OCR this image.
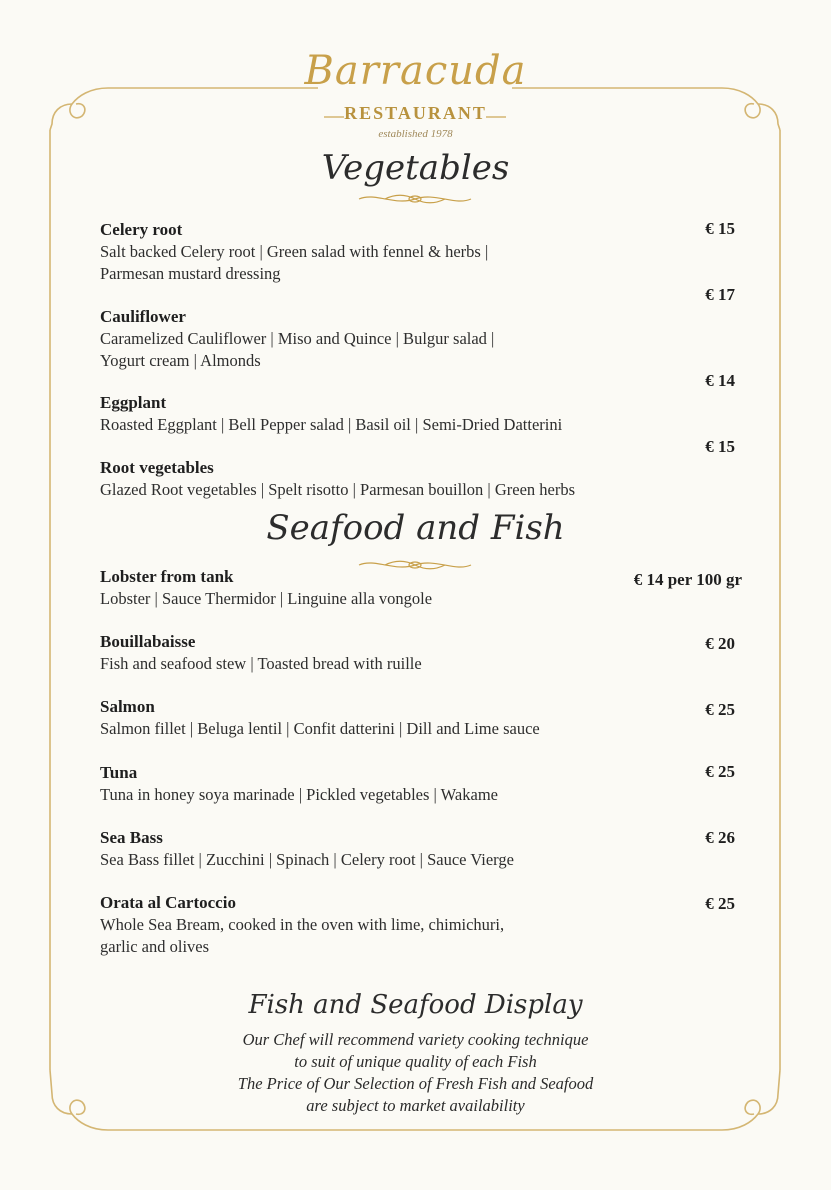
Barracuda
RESTAURANT
established 1978
Vegetables
Celery root
Salt backed Celery root | Green salad with fennel & herbs |
Parmesan mustard dressing
€ 15
Cauliflower
Caramelized Cauliflower | Miso and Quince | Bulgur salad |
Yogurt cream | Almonds
€ 17
Eggplant
Roasted Eggplant | Bell Pepper salad | Basil oil | Semi-Dried Datterini
€ 14
Root vegetables
Glazed Root vegetables | Spelt risotto | Parmesan bouillon | Green herbs
€ 15
Seafood and Fish
Lobster from tank
Lobster | Sauce Thermidor | Linguine alla vongole
€ 14 per 100 gr
Bouillabaisse
Fish and seafood stew | Toasted bread with ruille
€ 20
Salmon
Salmon fillet | Beluga lentil | Confit datterini | Dill and Lime sauce
€ 25
Tuna
Tuna in honey soya marinade | Pickled vegetables | Wakame
€ 25
Sea Bass
Sea Bass fillet | Zucchini | Spinach | Celery root | Sauce Vierge
€ 26
Orata al Cartoccio
Whole Sea Bream, cooked in the oven with lime, chimichuri,
garlic and olives
€ 25
Fish and Seafood Display
Our Chef will recommend variety cooking technique
to suit of unique quality of each Fish
The Price of Our Selection of Fresh Fish and Seafood
are subject to market availability
